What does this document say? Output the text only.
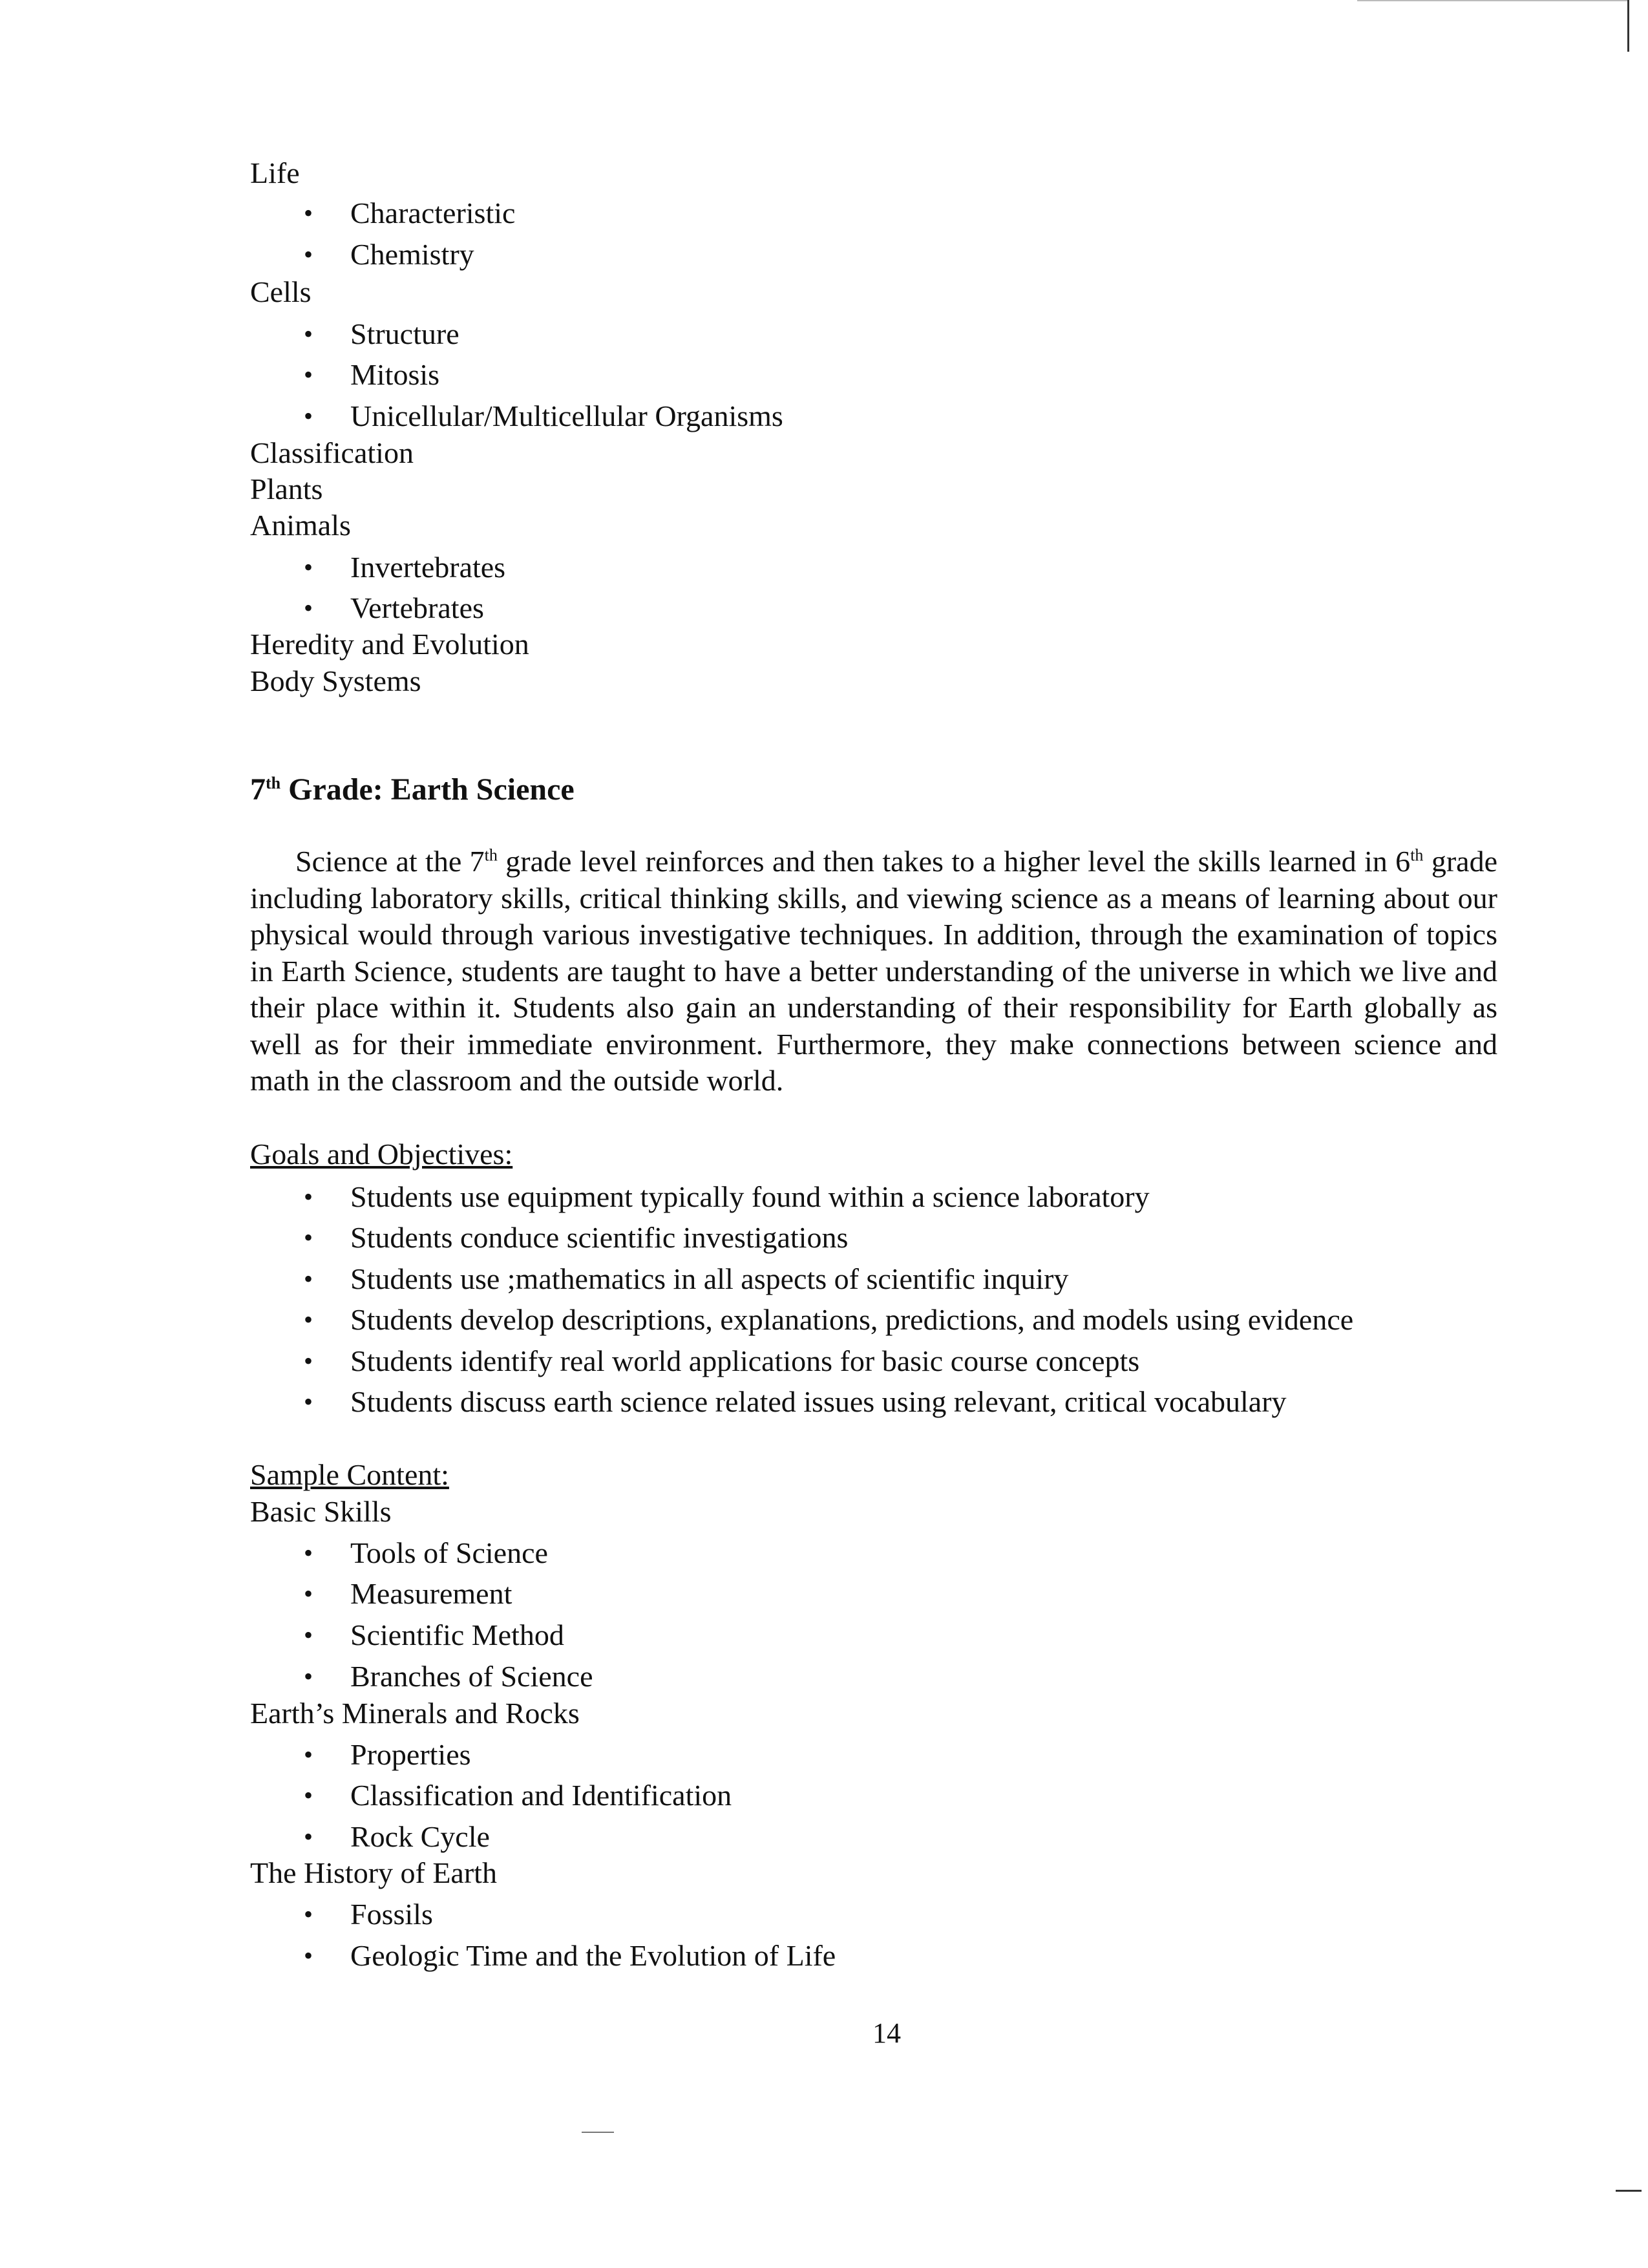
Life
•	Characteristic
•	Chemistry
Cells
•	Structure
•	Mitosis
•	Unicellular/Multicellular Organisms
Classification
Plants
Animals
•	Invertebrates
•	Vertebrates
Heredity and Evolution
Body Systems
7th Grade: Earth Science
Science at the 7th grade level reinforces and then takes to a higher level the skills learned in 6th grade including laboratory skills, critical thinking skills, and viewing science as a means of learning about our physical would through various investigative techniques. In addition, through the examination of topics in Earth Science, students are taught to have a better understanding of the universe in which we live and their place within it. Students also gain an understanding of their responsibility for Earth globally as well as for their immediate environment. Furthermore, they make connections between science and math in the classroom and the outside world.
Goals and Objectives:
•	Students use equipment typically found within a science laboratory
•	Students conduce scientific investigations
•	Students use ;mathematics in all aspects of scientific inquiry
•	Students develop descriptions, explanations, predictions, and models using evidence
•	Students identify real world applications for basic course concepts
•	Students discuss earth science related issues using relevant, critical vocabulary
Sample Content:
Basic Skills
•	Tools of Science
•	Measurement
•	Scientific Method
•	Branches of Science
Earth’s Minerals and Rocks
•	Properties
•	Classification and Identification
•	Rock Cycle
The History of Earth
•	Fossils
•	Geologic Time and the Evolution of Life
14
